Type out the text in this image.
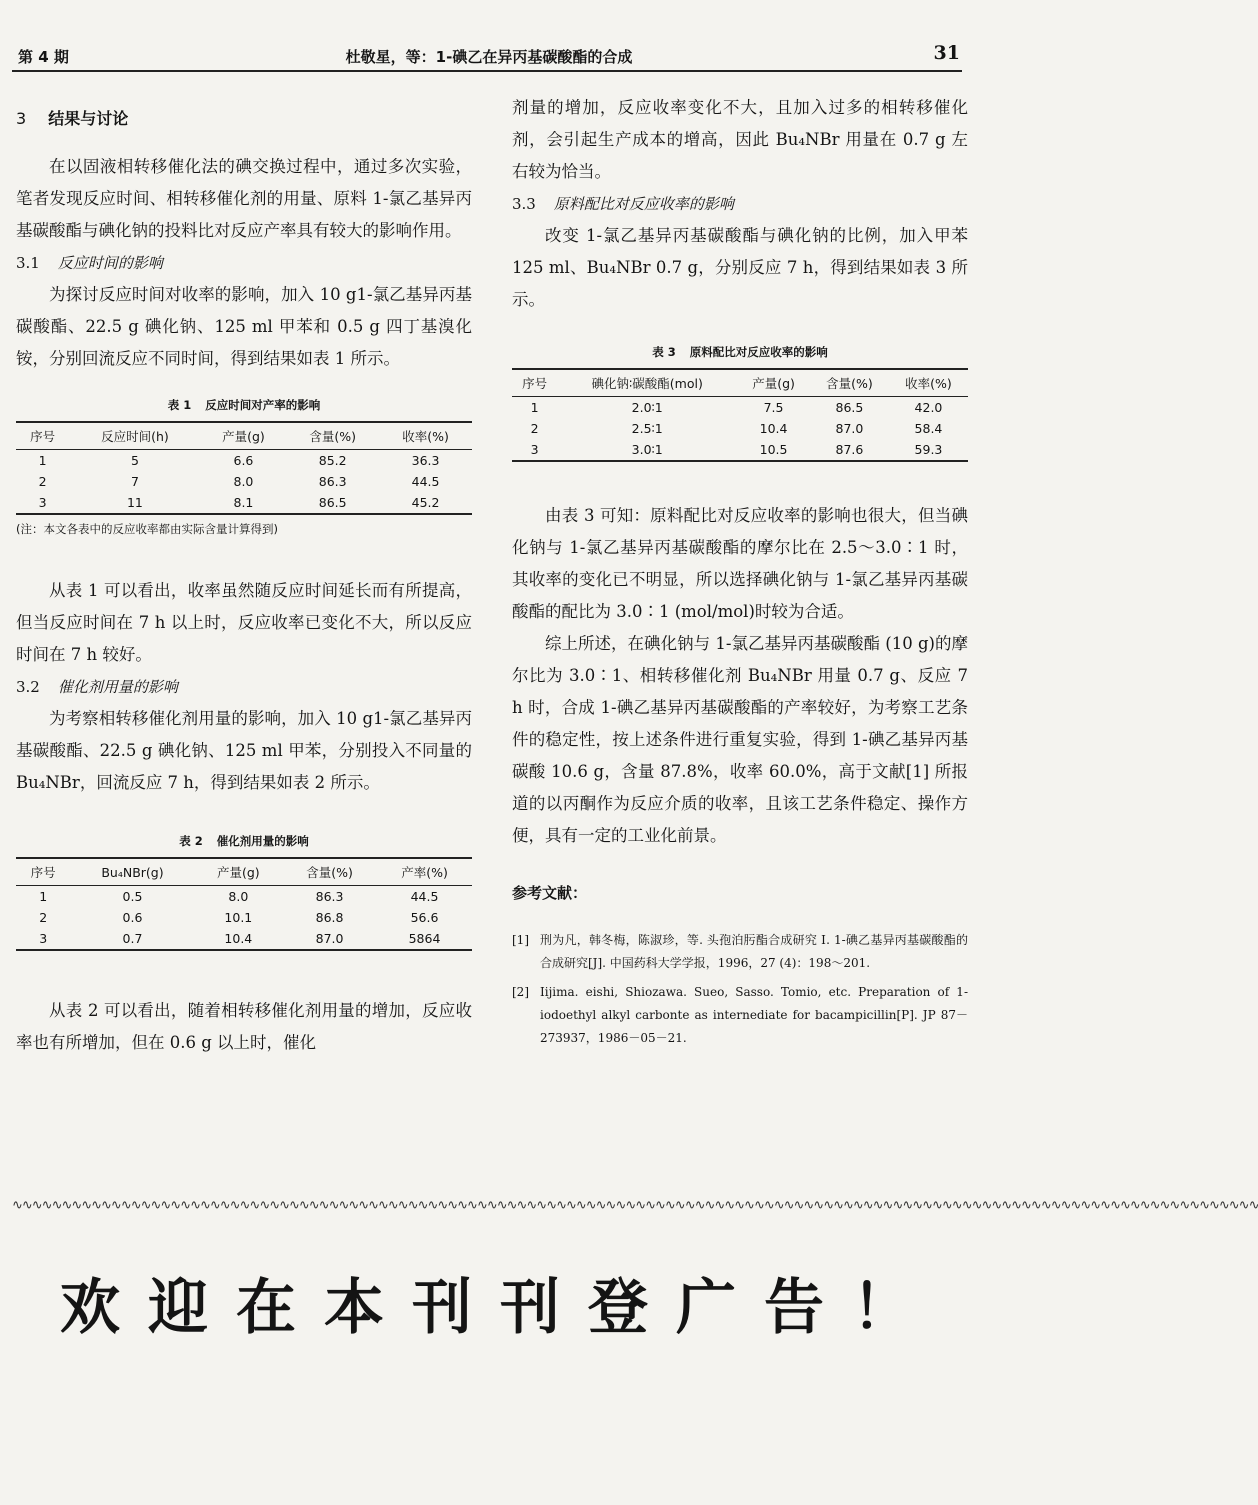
第 4 期	杜敬星，等：1-碘乙在异丙基碳酸酯的合成	31
3 结果与讨论

在以固液相转移催化法的碘交换过程中，通过多次实验，笔者发现反应时间、相转移催化剂的用量、原料 1-氯乙基异丙基碳酸酯与碘化钠的投料比对反应产率具有较大的影响作用。

3.1 反应时间的影响

为探讨反应时间对收率的影响，加入 10 g1-氯乙基异丙基碳酸酯、22.5 g 碘化钠、125 ml 甲苯和 0.5 g 四丁基溴化铵，分别回流反应不同时间，得到结果如表 1 所示。

表 1 反应时间对产率的影响
序号	反应时间(h)	产量(g)	含量(%)	收率(%)
1	5	6.6	85.2	36.3
2	7	8.0	86.3	44.5
3	11	8.1	86.5	45.2
(注：本文各表中的反应收率都由实际含量计算得到)

从表 1 可以看出，收率虽然随反应时间延长而有所提高，但当反应时间在 7 h 以上时，反应收率已变化不大，所以反应时间在 7 h 较好。

3.2 催化剂用量的影响

为考察相转移催化剂用量的影响，加入 10 g1-氯乙基异丙基碳酸酯、22.5 g 碘化钠、125 ml 甲苯，分别投入不同量的 Bu₄NBr，回流反应 7 h，得到结果如表 2 所示。

表 2 催化剂用量的影响
序号	Bu₄NBr(g)	产量(g)	含量(%)	产率(%)
1	0.5	8.0	86.3	44.5
2	0.6	10.1	86.8	56.6
3	0.7	10.4	87.0	5864

从表 2 可以看出，随着相转移催化剂用量的增加，反应收率也有所增加，但在 0.6 g 以上时，催化

剂量的增加，反应收率变化不大，且加入过多的相转移催化剂，会引起生产成本的增高，因此 Bu₄NBr 用量在 0.7 g 左右较为恰当。

3.3 原料配比对反应收率的影响

改变 1-氯乙基异丙基碳酸酯与碘化钠的比例，加入甲苯 125 ml、Bu₄NBr 0.7 g，分别反应 7 h，得到结果如表 3 所示。

表 3 原料配比对反应收率的影响
序号	碘化钠∶碳酸酯(mol)	产量(g)	含量(%)	收率(%)
1	2.0∶1	7.5	86.5	42.0
2	2.5∶1	10.4	87.0	58.4
3	3.0∶1	10.5	87.6	59.3

由表 3 可知：原料配比对反应收率的影响也很大，但当碘化钠与 1-氯乙基异丙基碳酸酯的摩尔比在 2.5～3.0∶1 时，其收率的变化已不明显，所以选择碘化钠与 1-氯乙基异丙基碳酸酯的配比为 3.0∶1 (mol/mol)时较为合适。

综上所述，在碘化钠与 1-氯乙基异丙基碳酸酯 (10 g)的摩尔比为 3.0∶1、相转移催化剂 Bu₄NBr 用量 0.7 g、反应 7 h 时，合成 1-碘乙基异丙基碳酸酯的产率较好，为考察工艺条件的稳定性，按上述条件进行重复实验，得到 1-碘乙基异丙基碳酸 10.6 g，含量 87.8%，收率 60.0%，高于文献[1] 所报道的以丙酮作为反应介质的收率，且该工艺条件稳定、操作方便，具有一定的工业化前景。

参考文献：
[1] 刑为凡，韩冬梅，陈淑珍，等. 头孢泊肟酯合成研究 Ⅰ. 1-碘乙基异丙基碳酸酯的合成研究[J]. 中国药科大学学报，1996，27 (4)：198～201.
[2] Iijima. eishi, Shiozawa. Sueo, Sasso. Tomio, etc. Preparation of 1-iodoethyl alkyl carbonte as internediate for bacampicillin[P]. JP 87－273937，1986－05－21.
∿∿∿∿∿∿∿∿∿∿∿∿∿∿∿∿∿∿∿∿∿∿∿∿∿∿∿∿∿∿∿∿∿∿∿∿∿∿∿∿∿∿∿∿∿∿∿∿∿∿∿∿∿∿∿∿∿∿∿∿∿∿∿∿∿∿∿∿∿∿∿∿∿∿∿∿∿∿∿∿∿∿∿∿∿∿∿∿∿∿∿∿∿∿∿∿∿∿∿∿∿∿∿∿∿∿∿∿∿∿∿∿∿∿∿∿∿∿∿∿∿∿∿∿∿∿
欢迎在本刊刊登广告！
